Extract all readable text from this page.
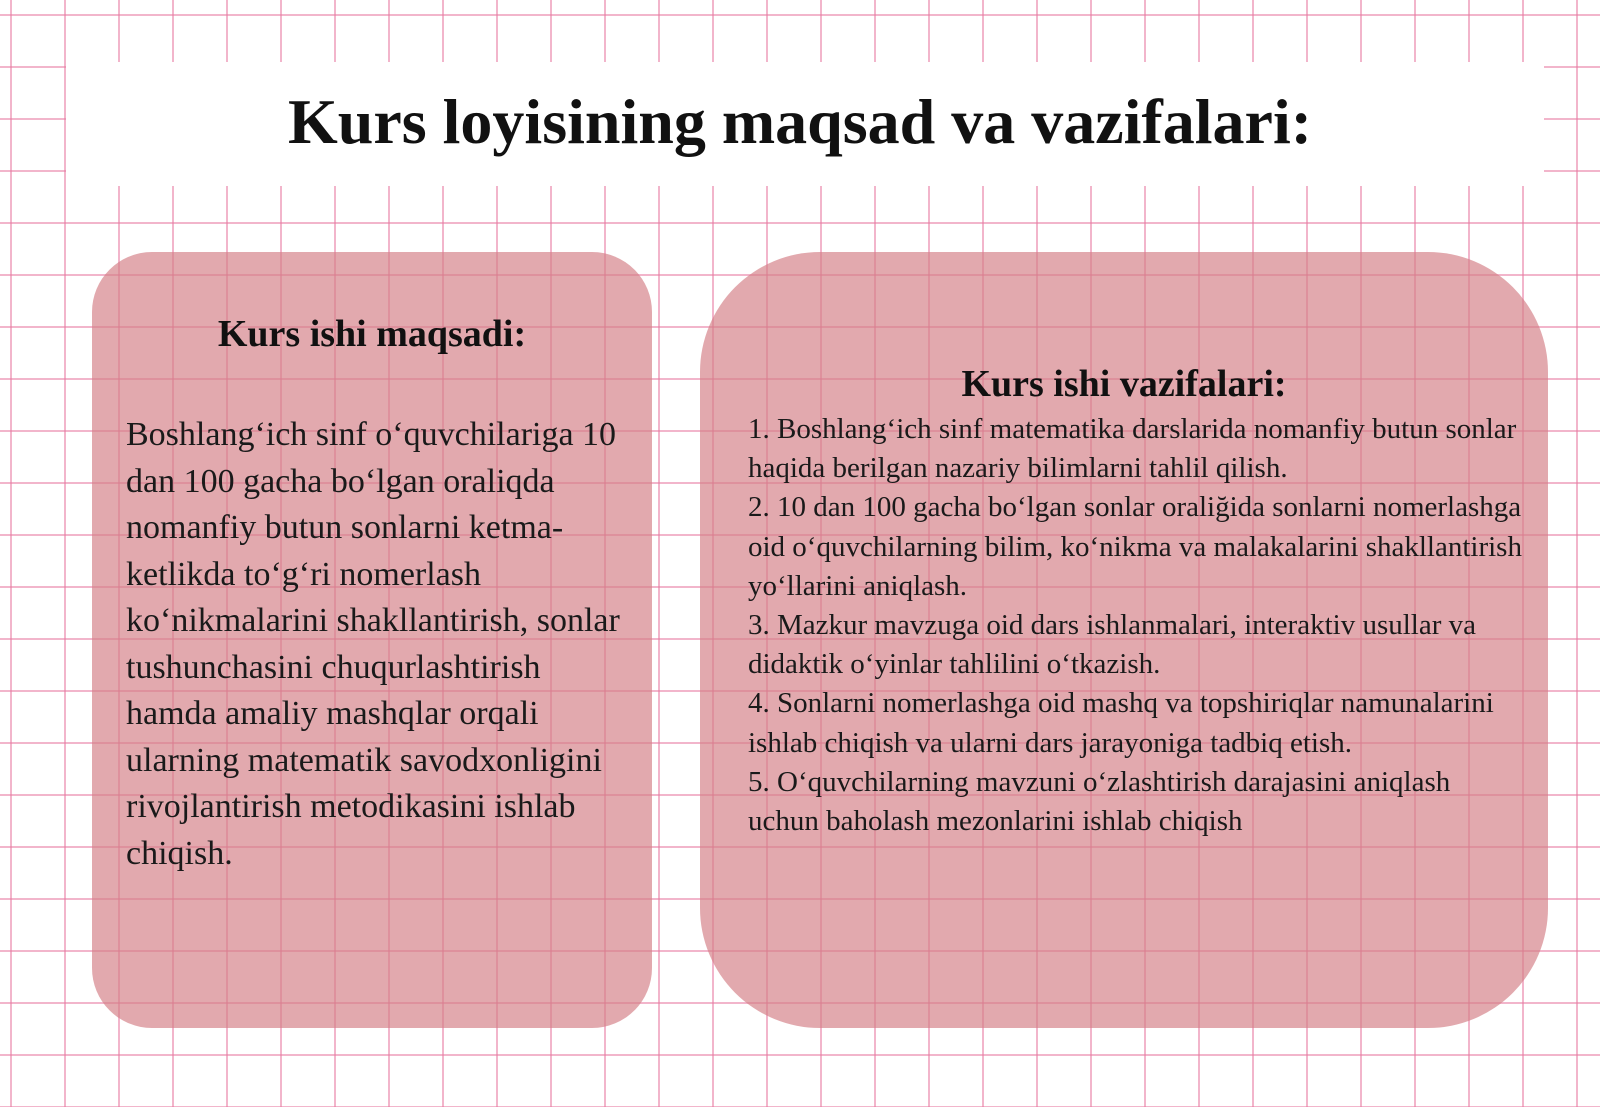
Kurs loyisining maqsad va vazifalari:
Kurs ishi maqsadi:

Boshlang‘ich sinf o‘quvchilariga 10 dan 100 gacha bo‘lgan oraliqda nomanfiy butun sonlarni ketma-ketlikda to‘g‘ri nomerlash ko‘nikmalarini shakllantirish, sonlar tushunchasini chuqurlashtirish hamda amaliy mashqlar orqali ularning matematik savodxonligini rivojlantirish metodikasini ishlab chiqish.

Kurs ishi vazifalari:
1. Boshlang‘ich sinf matematika darslarida nomanfiy butun sonlar haqida berilgan nazariy bilimlarni tahlil qilish.
2. 10 dan 100 gacha bo‘lgan sonlar oraliğida sonlarni nomerlashga oid o‘quvchilarning bilim, ko‘nikma va malakalarini shakllantirish yo‘llarini aniqlash.
3. Mazkur mavzuga oid dars ishlanmalari, interaktiv usullar va didaktik o‘yinlar tahlilini o‘tkazish.
4. Sonlarni nomerlashga oid mashq va topshiriqlar namunalarini ishlab chiqish va ularni dars jarayoniga tadbiq etish.
5. O‘quvchilarning mavzuni o‘zlashtirish darajasini aniqlash uchun baholash mezonlarini ishlab chiqish
